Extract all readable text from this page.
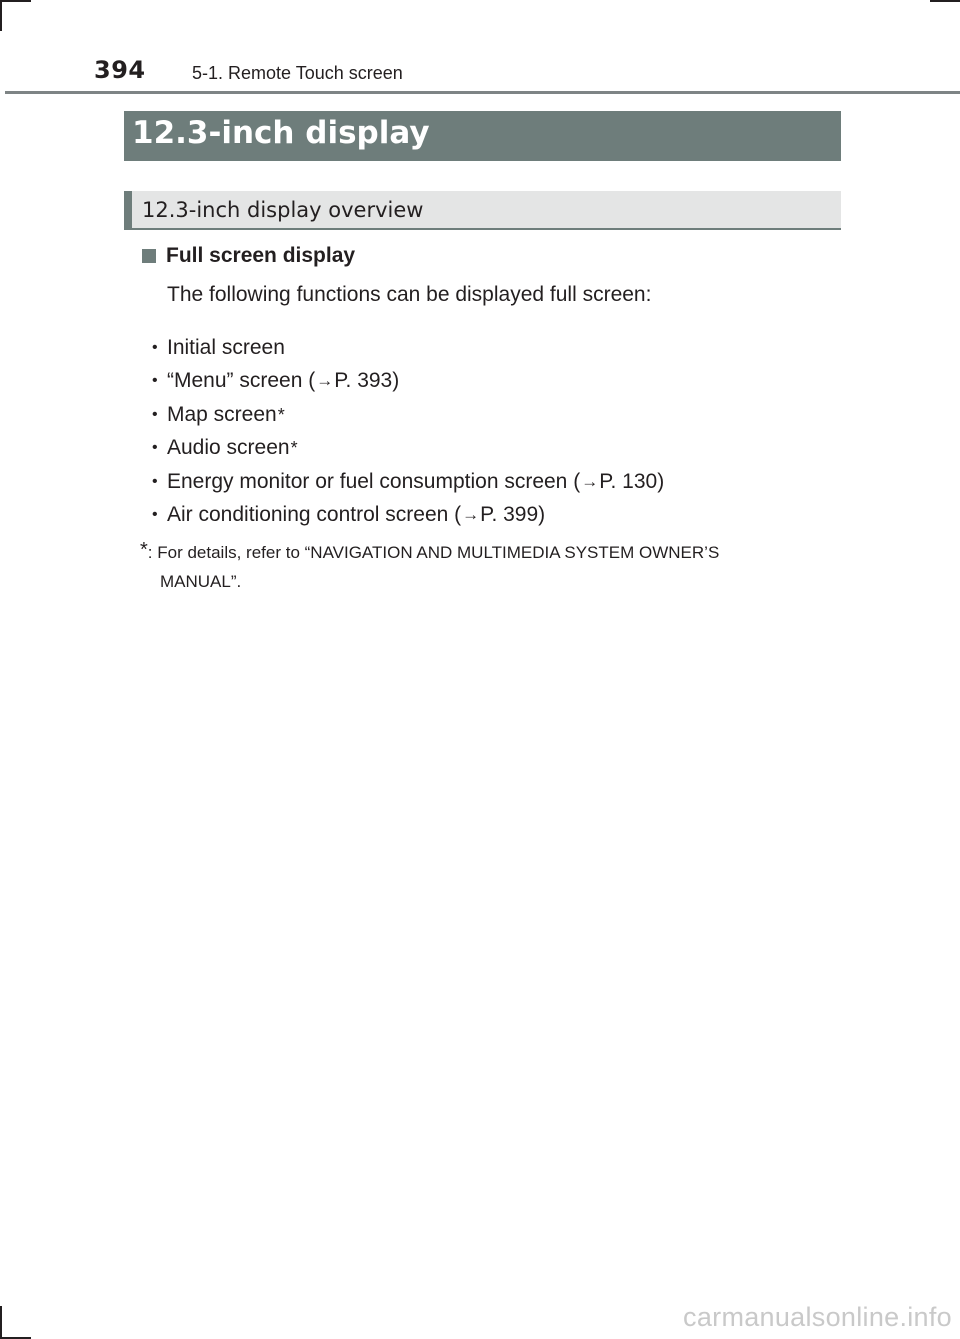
394	5-1. Remote Touch screen
12.3-inch display
12.3-inch display overview
Full screen display
The following functions can be displayed full screen:
• Initial screen
• “Menu” screen ( → P. 393 )
• Map screen *
• Audio screen *
• Energy monitor or fuel consumption screen ( → P. 130 )
• Air conditioning control screen ( → P. 399 )
*: For details, refer to “NAVIGATION AND MULTIMEDIA SYSTEM OWNER’S
MANUAL”.
carmanualsonline.info
